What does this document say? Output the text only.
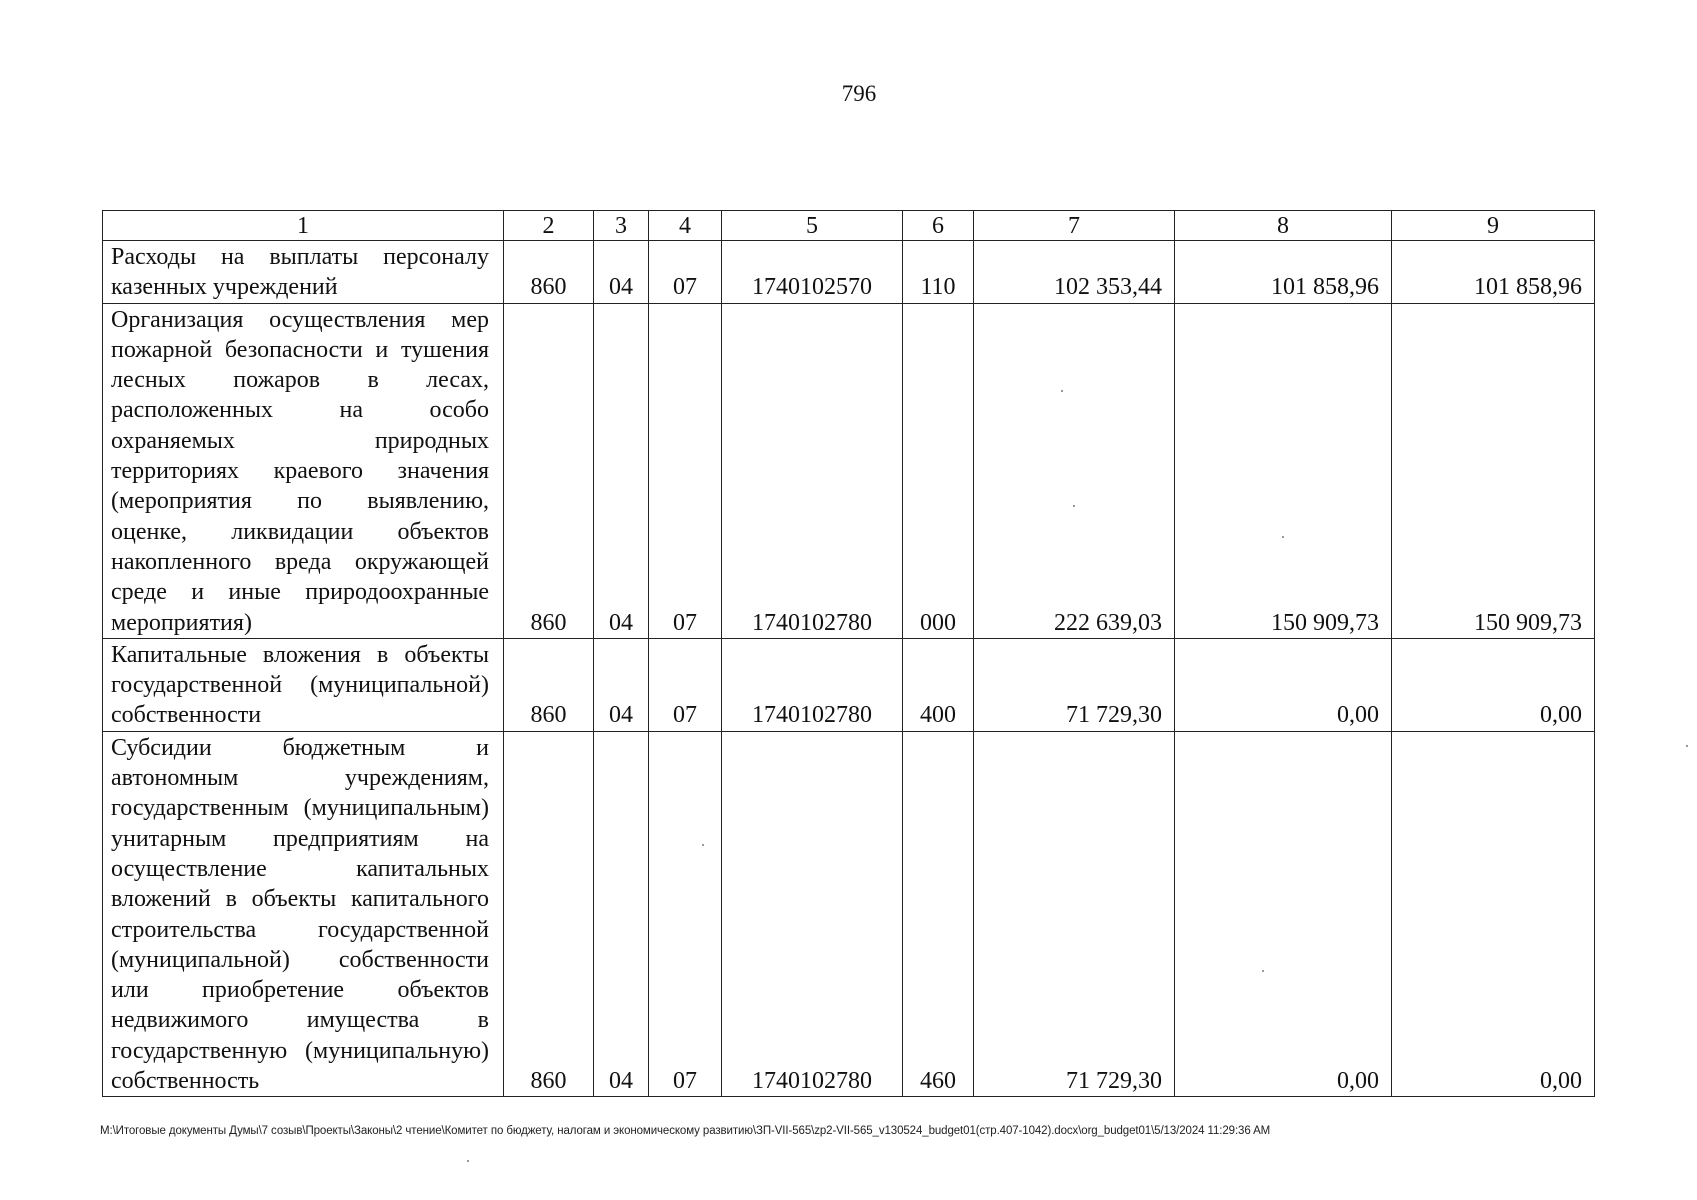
796
1	2	3	4	5	6	7	8	9
Расходы на выплаты персоналу казенных учреждений	860	04	07	1740102570	110	102 353,44	101 858,96	101 858,96
Организация осуществления мер пожарной безопасности и тушения лесных пожаров в лесах, расположенных на особо охраняемых природных территориях краевого значения (мероприятия по выявлению, оценке, ликвидации объектов накопленного вреда окружающей среде и иные природоохранные мероприятия)	860	04	07	1740102780	000	222 639,03	150 909,73	150 909,73
Капитальные вложения в объекты государственной (муниципальной) собственности	860	04	07	1740102780	400	71 729,30	0,00	0,00
Субсидии бюджетным и автономным учреждениям, государственным (муниципальным) унитарным предприятиям на осуществление капитальных вложений в объекты капитального строительства государственной (муниципальной) собственности или приобретение объектов недвижимого имущества в государственную (муниципальную) собственность	860	04	07	1740102780	460	71 729,30	0,00	0,00
M:\Итоговые документы Думы\7 созыв\Проекты\Законы\2 чтение\Комитет по бюджету, налогам и экономическому развитию\ЗП-VII-565\zp2-VII-565_v130524_budget01(стр.407-1042).docx\org_budget01\5/13/2024 11:29:36 AM
